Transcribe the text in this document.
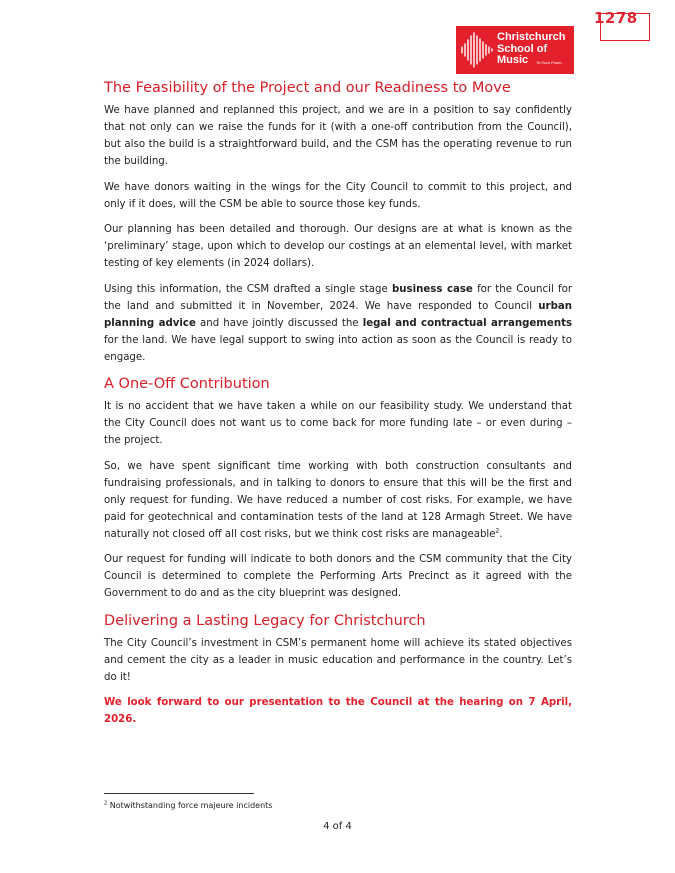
1278
Christchurch
School of
Music	Te Kura Puoro
The Feasibility of the Project and our Readiness to Move

We have planned and replanned this project, and we are in a position to say confidently that not only can we raise the funds for it (with a one-off contribution from the Council), but also the build is a straightforward build, and the CSM has the operating revenue to run the building.

We have donors waiting in the wings for the City Council to commit to this project, and only if it does, will the CSM be able to source those key funds.

Our planning has been detailed and thorough. Our designs are at what is known as the ‘preliminary’ stage, upon which to develop our costings at an elemental level, with market testing of key elements (in 2024 dollars).

Using this information, the CSM drafted a single stage business case for the Council for the land and submitted it in November, 2024. We have responded to Council urban planning advice and have jointly discussed the legal and contractual arrangements for the land. We have legal support to swing into action as soon as the Council is ready to engage.

A One-Off Contribution

It is no accident that we have taken a while on our feasibility study. We understand that the City Council does not want us to come back for more funding late – or even during – the project.

So, we have spent significant time working with both construction consultants and fundraising professionals, and in talking to donors to ensure that this will be the first and only request for funding. We have reduced a number of cost risks. For example, we have paid for geotechnical and contamination tests of the land at 128 Armagh Street. We have naturally not closed off all cost risks, but we think cost risks are manageable$^2$.

Our request for funding will indicate to both donors and the CSM community that the City Council is determined to complete the Performing Arts Precinct as it agreed with the Government to do and as the city blueprint was designed.

Delivering a Lasting Legacy for Christchurch

The City Council’s investment in CSM’s permanent home will achieve its stated objectives and cement the city as a leader in music education and performance in the country. Let’s do it!

We look forward to our presentation to the Council at the hearing on 7 April, 2026.

$^2$ Notwithstanding force majeure incidents
4 of 4
